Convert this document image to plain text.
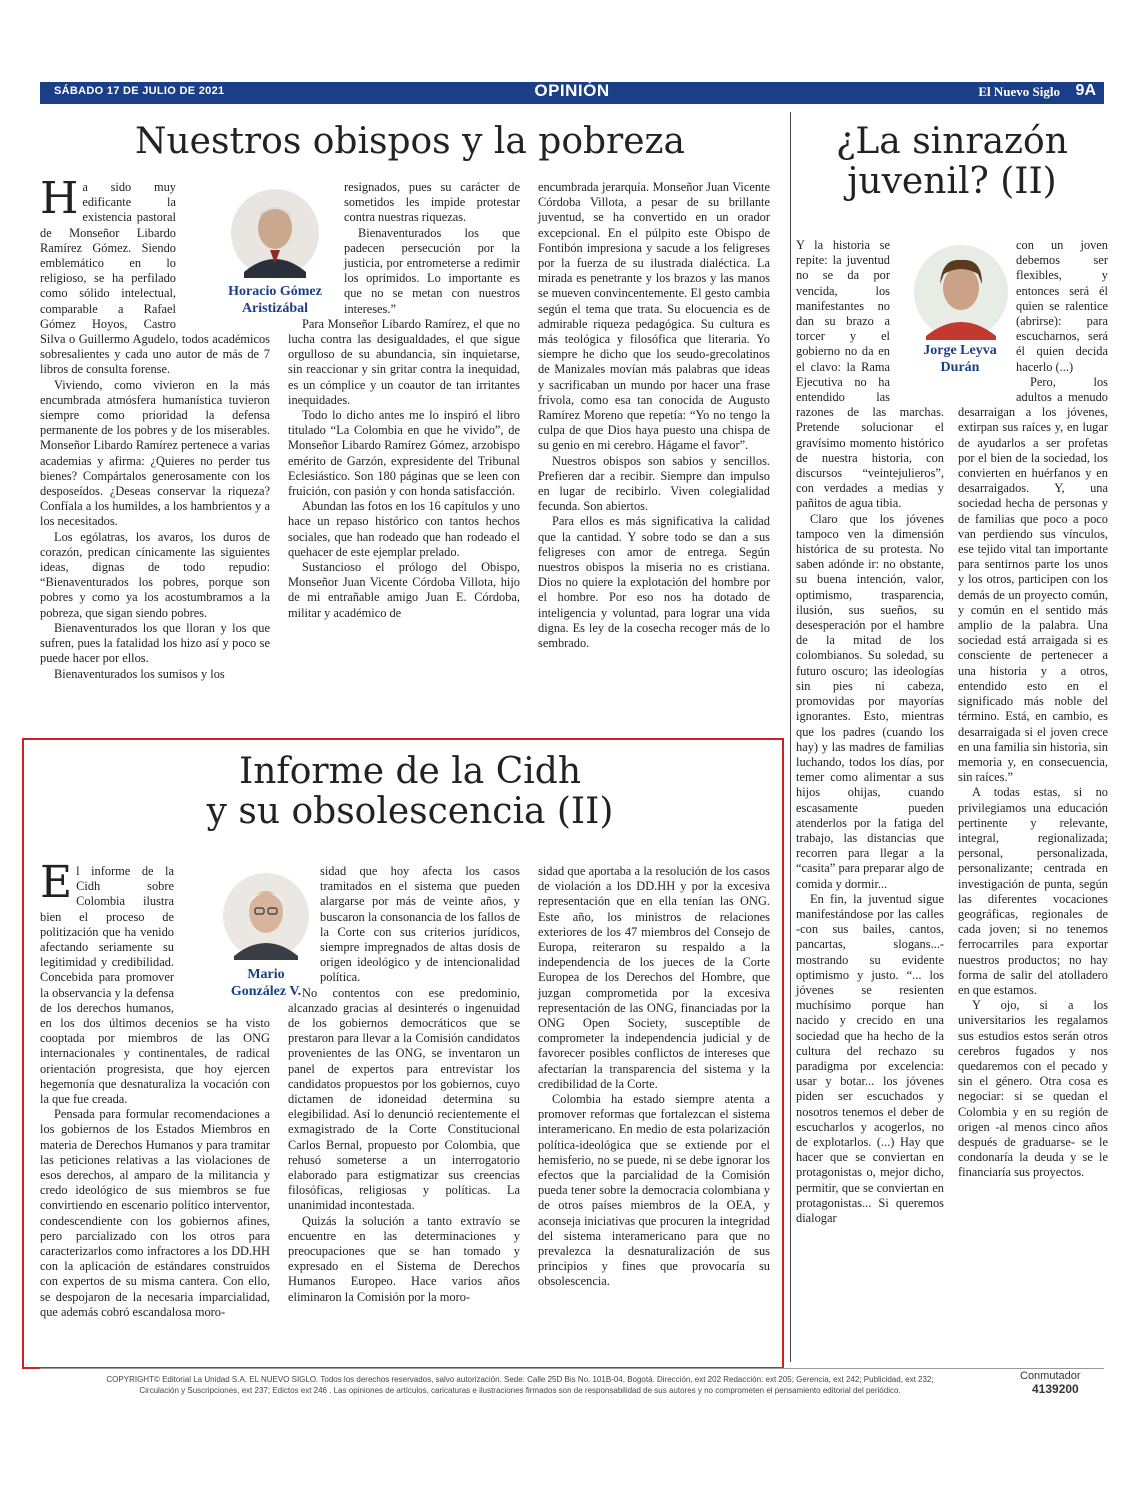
SÁBADO 17 DE JULIO DE 2021	OPINIÓN	El Nuevo Siglo 9A
Nuestros obispos y la pobreza

Ha sido muy edificante la existencia pastoral de Monseñor Libardo Ramírez Gómez. Siendo emblemático en lo religioso, se ha perfilado como sólido intelectual, comparable a Rafael Gómez Hoyos, Castro Silva o Guillermo Agudelo, todos académicos sobresalientes y cada uno autor de más de 7 libros de consulta forense.

Viviendo, como vivieron en la más encumbrada atmósfera humanística tuvieron siempre como prioridad la defensa permanente de los pobres y de los miserables. Monseñor Libardo Ramírez pertenece a varias academias y afirma: ¿Quieres no perder tus bienes? Compártalos generosamente con los desposeídos. ¿Deseas conservar la riqueza? Confíala a los humildes, a los hambrientos y a los necesitados.

Los ególatras, los avaros, los duros de corazón, predican cínicamente las siguientes ideas, dignas de todo repudio: “Bienaventurados los pobres, porque son pobres y como ya los acostumbramos a la pobreza, que sigan siendo pobres.

Bienaventurados los que lloran y los que sufren, pues la fatalidad los hizo así y poco se puede hacer por ellos.

Bienaventurados los sumisos y los

Horacio Gómez Aristizábal

resignados, pues su carácter de sometidos les impide protestar contra nuestras riquezas.

Bienaventurados los que padecen persecución por la justicia, por entrometerse a redimir los oprimidos. Lo importante es que no se metan con nuestros intereses.”

Para Monseñor Libardo Ramírez, el que no lucha contra las desigualdades, el que sigue orgulloso de su abundancia, sin inquietarse, sin reaccionar y sin gritar contra la inequidad, es un cómplice y un coautor de tan irritantes inequidades.

Todo lo dicho antes me lo inspiró el libro titulado “La Colombia en que he vivido”, de Monseñor Libardo Ramírez Gómez, arzobispo emérito de Garzón, expresidente del Tribunal Eclesiástico. Son 180 páginas que se leen con fruición, con pasión y con honda satisfacción.

Abundan las fotos en los 16 capítulos y uno hace un repaso histórico con tantos hechos sociales, que han rodeado que han rodeado el quehacer de este ejemplar prelado.

Sustancioso el prólogo del Obispo, Monseñor Juan Vicente Córdoba Villota, hijo de mi entrañable amigo Juan E. Córdoba, militar y académico de

encumbrada jerarquía. Monseñor Juan Vicente Córdoba Villota, a pesar de su brillante juventud, se ha convertido en un orador excepcional. En el púlpito este Obispo de Fontibón impresiona y sacude a los feligreses por la fuerza de su ilustrada dialéctica. La mirada es penetrante y los brazos y las manos se mueven convincentemente. El gesto cambia según el tema que trata. Su elocuencia es de admirable riqueza pedagógica. Su cultura es más teológica y filosófica que literaria. Yo siempre he dicho que los seudo-grecolatinos de Manizales movían más palabras que ideas y sacrificaban un mundo por hacer una frase frívola, como esa tan conocida de Augusto Ramírez Moreno que repetía: “Yo no tengo la culpa de que Dios haya puesto una chispa de su genio en mi cerebro. Hágame el favor”.

Nuestros obispos son sabios y sencillos. Prefieren dar a recibir. Siempre dan impulso en lugar de recibirlo. Viven colegialidad fecunda. Son abiertos.

Para ellos es más significativa la calidad que la cantidad. Y sobre todo se dan a sus feligreses con amor de entrega. Según nuestros obispos la miseria no es cristiana. Dios no quiere la explotación del hombre por el hombre. Por eso nos ha dotado de inteligencia y voluntad, para lograr una vida digna. Es ley de la cosecha recoger más de lo sembrado.

Informe de la Cidh
y su obsolescencia (II)

El informe de la Cidh sobre Colombia ilustra bien el proceso de politización que ha venido afectando seriamente su legitimidad y credibilidad. Concebida para promover la observancia y la defensa de los derechos humanos, en los dos últimos decenios se ha visto cooptada por miembros de las ONG internacionales y continentales, de radical orientación progresista, que hoy ejercen hegemonía que desnaturaliza la vocación con la que fue creada.

Pensada para formular recomendaciones a los gobiernos de los Estados Miembros en materia de Derechos Humanos y para tramitar las peticiones relativas a las violaciones de esos derechos, al amparo de la militancia y credo ideológico de sus miembros se fue convirtiendo en escenario político interventor, condescendiente con los gobiernos afines, pero parcializado con los otros para caracterizarlos como infractores a los DD.HH con la aplicación de estándares construidos con expertos de su misma cantera. Con ello, se despojaron de la necesaria imparcialidad, que además cobró escandalosa moro-

Mario González V.

sidad que hoy afecta los casos tramitados en el sistema que pueden alargarse por más de veinte años, y buscaron la consonancia de los fallos de la Corte con sus criterios jurídicos, siempre impregnados de altas dosis de origen ideológico y de intencionalidad política.

No contentos con ese predominio, alcanzado gracias al desinterés o ingenuidad de los gobiernos democráticos que se prestaron para llevar a la Comisión candidatos provenientes de las ONG, se inventaron un panel de expertos para entrevistar los candidatos propuestos por los gobiernos, cuyo dictamen de idoneidad determina su elegibilidad. Así lo denunció recientemente el exmagistrado de la Corte Constitucional Carlos Bernal, propuesto por Colombia, que rehusó someterse a un interrogatorio elaborado para estigmatizar sus creencias filosóficas, religiosas y políticas. La unanimidad incontestada.

Quizás la solución a tanto extravío se encuentre en las determinaciones y preocupaciones que se han tomado y expresado en el Sistema de Derechos Humanos Europeo. Hace varios años eliminaron la Comisión por la moro-

sidad que aportaba a la resolución de los casos de violación a los DD.HH y por la excesiva representación que en ella tenían las ONG. Este año, los ministros de relaciones exteriores de los 47 miembros del Consejo de Europa, reiteraron su respaldo a la independencia de los jueces de la Corte Europea de los Derechos del Hombre, que juzgan comprometida por la excesiva representación de las ONG, financiadas por la ONG Open Society, susceptible de comprometer la independencia judicial y de favorecer posibles conflictos de intereses que afectarían la transparencia del sistema y la credibilidad de la Corte.

Colombia ha estado siempre atenta a promover reformas que fortalezcan el sistema interamericano. En medio de esta polarización política-ideológica que se extiende por el hemisferio, no se puede, ni se debe ignorar los efectos que la parcialidad de la Comisión pueda tener sobre la democracia colombiana y de otros países miembros de la OEA, y aconseja iniciativas que procuren la integridad del sistema interamericano para que no prevalezca la desnaturalización de sus principios y fines que provocaría su obsolescencia.

¿La sinrazón
juvenil? (II)
Jorge Leyva
Durán

Y la historia se repite: la juventud no se da por vencida, los manifestantes no dan su brazo a torcer y el gobierno no da en el clavo: la Rama Ejecutiva no ha entendido las razones de las marchas. Pretende solucionar el gravísimo momento histórico de nuestra historia, con discursos “veintejulieros”, con verdades a medias y pañitos de agua tibia.

Claro que los jóvenes tampoco ven la dimensión histórica de su protesta. No saben adónde ir: no obstante, su buena intención, valor, optimismo, trasparencia, ilusión, sus sueños, su desesperación por el hambre de la mitad de los colombianos. Su soledad, su futuro oscuro; las ideologías sin pies ni cabeza, promovidas por mayorías ignorantes. Esto, mientras que los padres (cuando los hay) y las madres de familias luchando, todos los días, por temer como alimentar a sus hijos ohijas, cuando escasamente pueden atenderlos por la fatiga del trabajo, las distancias que recorren para llegar a la “casita” para preparar algo de comida y dormir...

En fin, la juventud sigue manifestándose por las calles -con sus bailes, cantos, pancartas, slogans...- mostrando su evidente optimismo y justo. “... los jóvenes se resienten muchísimo porque han nacido y crecido en una sociedad que ha hecho de la cultura del rechazo su paradigma por excelencia: usar y botar... los jóvenes piden ser escuchados y nosotros tenemos el deber de escucharlos y acogerlos, no de explotarlos. (...) Hay que hacer que se conviertan en protagonistas o, mejor dicho, permitir, que se conviertan en protagonistas... Si queremos dialogar

con un joven debemos ser flexibles, y entonces será él quien se ralentice (abrirse): para escucharnos, será él quien decida hacerlo (...)

Pero, los adultos a menudo desarraigan a los jóvenes, extirpan sus raíces y, en lugar de ayudarlos a ser profetas por el bien de la sociedad, los convierten en huérfanos y en desarraigados. Y, una sociedad hecha de personas y de familias que poco a poco van perdiendo sus vínculos, ese tejido vital tan importante para sentirnos parte los unos y los otros, participen con los demás de un proyecto común, y común en el sentido más amplio de la palabra. Una sociedad está arraigada si es consciente de pertenecer a una historia y a otros, entendido esto en el significado más noble del término. Está, en cambio, es desarraigada si el joven crece en una familia sin historia, sin memoria y, en consecuencia, sin raíces.”

A todas estas, si no privilegiamos una educación pertinente y relevante, integral, regionalizada; personal, personalizada, personalizante; centrada en investigación de punta, según las diferentes vocaciones geográficas, regionales de cada joven; si no tenemos ferrocarriles para exportar nuestros productos; no hay forma de salir del atolladero en que estamos.

Y ojo, si a los universitarios les regalamos sus estudios estos serán otros cerebros fugados y nos quedaremos con el pecado y sin el género. Otra cosa es negociar: si se quedan el Colombia y en su región de origen -al menos cinco años después de graduarse- se le condonaría la deuda y se le financiaría sus proyectos.

COPYRIGHT© Editorial La Unidad S.A. EL NUEVO SIGLO. Todos los derechos reservados, salvo autorización. Sede: Calle 25D Bis No. 101B-04, Bogotá. Dirección, ext 202 Redacción: ext 205; Gerencia, ext 242; Publicidad, ext 232;
Circulación y Suscripciones, ext 237; Edictos ext 246 . Las opiniones de artículos, caricaturas e ilustraciones firmados son de responsabilidad de sus autores y no comprometen el pensamiento editorial del periódico.
Conmutador
4139200
